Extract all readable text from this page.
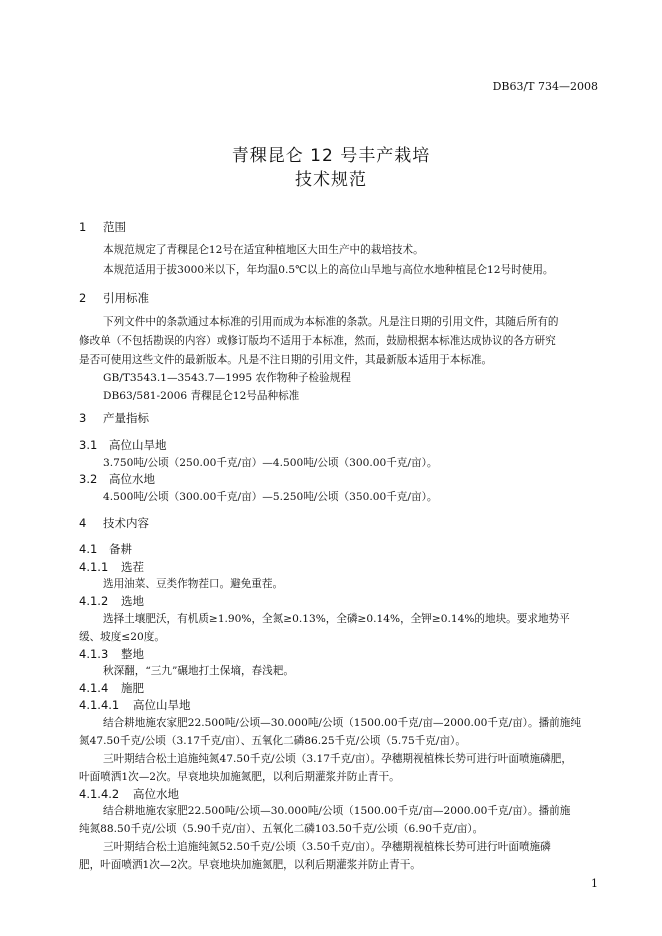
DB63/T 734—2008
青稞昆仑 12 号丰产栽培
技术规范
1 范围
本规范规定了青稞昆仑12号在适宜种植地区大田生产中的栽培技术。
本规范适用于拔3000米以下，年均温0.5℃以上的高位山旱地与高位水地种植昆仑12号时使用。
2 引用标准
下列文件中的条款通过本标准的引用而成为本标准的条款。凡是注日期的引用文件，其随后所有的
修改单（不包括勘误的内容）或修订版均不适用于本标准，然而，鼓励根据本标准达成协议的各方研究
是否可使用这些文件的最新版本。凡是不注日期的引用文件，其最新版本适用于本标准。
GB/T3543.1—3543.7—1995 农作物种子检验规程
DB63/581-2006 青稞昆仑12号品种标准
3 产量指标
3.1 高位山旱地
3.750吨/公顷（250.00千克/亩）—4.500吨/公顷（300.00千克/亩）。
3.2 高位水地
4.500吨/公顷（300.00千克/亩）—5.250吨/公顷（350.00千克/亩）。
4 技术内容
4.1 备耕
4.1.1 选茬
选用油菜、豆类作物茬口。避免重茬。
4.1.2 选地
选择土壤肥沃，有机质≥1.90%，全氮≥0.13%，全磷≥0.14%，全钾≥0.14%的地块。要求地势平
缓、坡度≤20度。
4.1.3 整地
秋深翻，“三九”碾地打土保墒，春浅耙。
4.1.4 施肥
4.1.4.1 高位山旱地
结合耕地施农家肥22.500吨/公顷—30.000吨/公顷（1500.00千克/亩—2000.00千克/亩）。播前施纯
氮47.50千克/公顷（3.17千克/亩）、五氧化二磷86.25千克/公顷（5.75千克/亩）。
三叶期结合松土追施纯氮47.50千克/公顷（3.17千克/亩）。孕穗期视植株长势可进行叶面喷施磷肥，
叶面喷洒1次—2次。早衰地块加施氮肥，以利后期灌浆并防止青干。
4.1.4.2 高位水地
结合耕地施农家肥22.500吨/公顷—30.000吨/公顷（1500.00千克/亩—2000.00千克/亩）。播前施
纯氮88.50千克/公顷（5.90千克/亩）、五氧化二磷103.50千克/公顷（6.90千克/亩）。
三叶期结合松土追施纯氮52.50千克/公顷（3.50千克/亩）。孕穗期视植株长势可进行叶面喷施磷
肥，叶面喷洒1次—2次。早衰地块加施氮肥，以利后期灌浆并防止青干。
1
